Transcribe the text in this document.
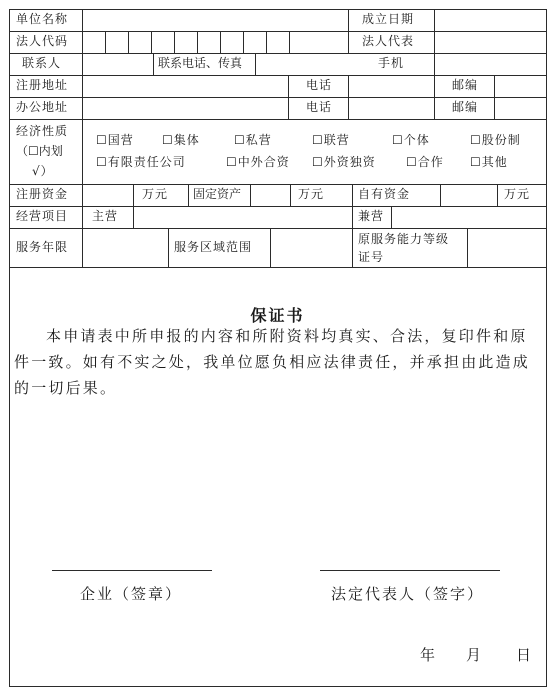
单位名称	成立日期
法人代码	法人代表
联系人	联系电话、传真	手机
注册地址	电话	邮编
办公地址	电话	邮编
经济性质
（☐内划
√）
☐国营 ☐集体	☐私营	☐联营	☐个体	☐股份制
☐有限责任公司	☐中外合资 ☐外资独资	☐合作 ☐其他
注册资金	万元 固定资产	万元	自有资金	万元
经营项目 主营	兼营
服务年限	服务区域范围
原服务能力等级
证号
保证书
本申请表中所申报的内容和所附资料均真实、合法，复印件和原件一致。如有不实之处，我单位愿负相应法律责任，并承担由此造成的一切后果。
企业（签章）	法定代表人（签字）
年 月 日
